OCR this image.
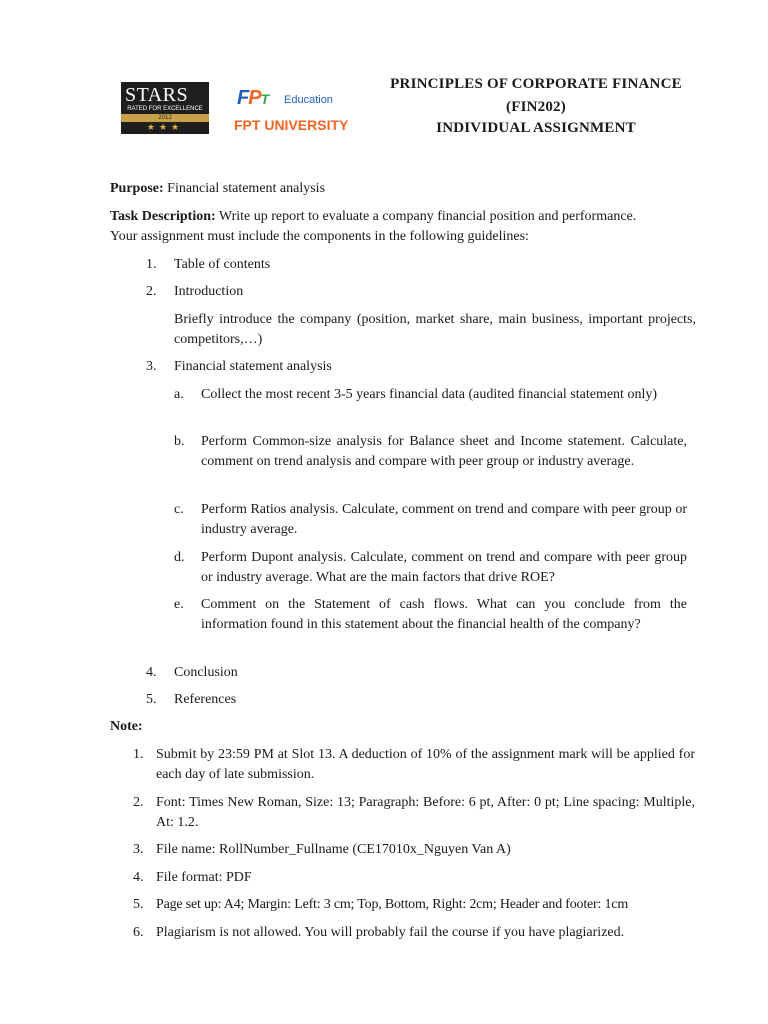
STARS
RATED FOR EXCELLENCE
2012
★★★
FPT Education
FPT UNIVERSITY
PRINCIPLES OF CORPORATE FINANCE
(FIN202)
INDIVIDUAL ASSIGNMENT
Purpose: Financial statement analysis
Task Description: Write up report to evaluate a company financial position and performance.
Your assignment must include the components in the following guidelines:
1. Table of contents
2. Introduction
Briefly introduce the company (position, market share, main business, important projects, competitors,…)
3. Financial statement analysis
a. Collect the most recent 3-5 years financial data (audited financial statement only)
b. Perform Common-size analysis for Balance sheet and Income statement. Calculate, comment on trend analysis and compare with peer group or industry average.
c. Perform Ratios analysis. Calculate, comment on trend and compare with peer group or industry average.
d. Perform Dupont analysis. Calculate, comment on trend and compare with peer group or industry average. What are the main factors that drive ROE?
e. Comment on the Statement of cash flows. What can you conclude from the information found in this statement about the financial health of the company?
4. Conclusion
5. References
Note:
1. Submit by 23:59 PM at Slot 13. A deduction of 10% of the assignment mark will be applied for each day of late submission.
2. Font: Times New Roman, Size: 13; Paragraph: Before: 6 pt, After: 0 pt; Line spacing: Multiple, At: 1.2.
3. File name: RollNumber_Fullname (CE17010x_Nguyen Van A)
4. File format: PDF
5. Page set up: A4; Margin: Left: 3 cm; Top, Bottom, Right: 2cm; Header and footer: 1cm
6. Plagiarism is not allowed. You will probably fail the course if you have plagiarized.
